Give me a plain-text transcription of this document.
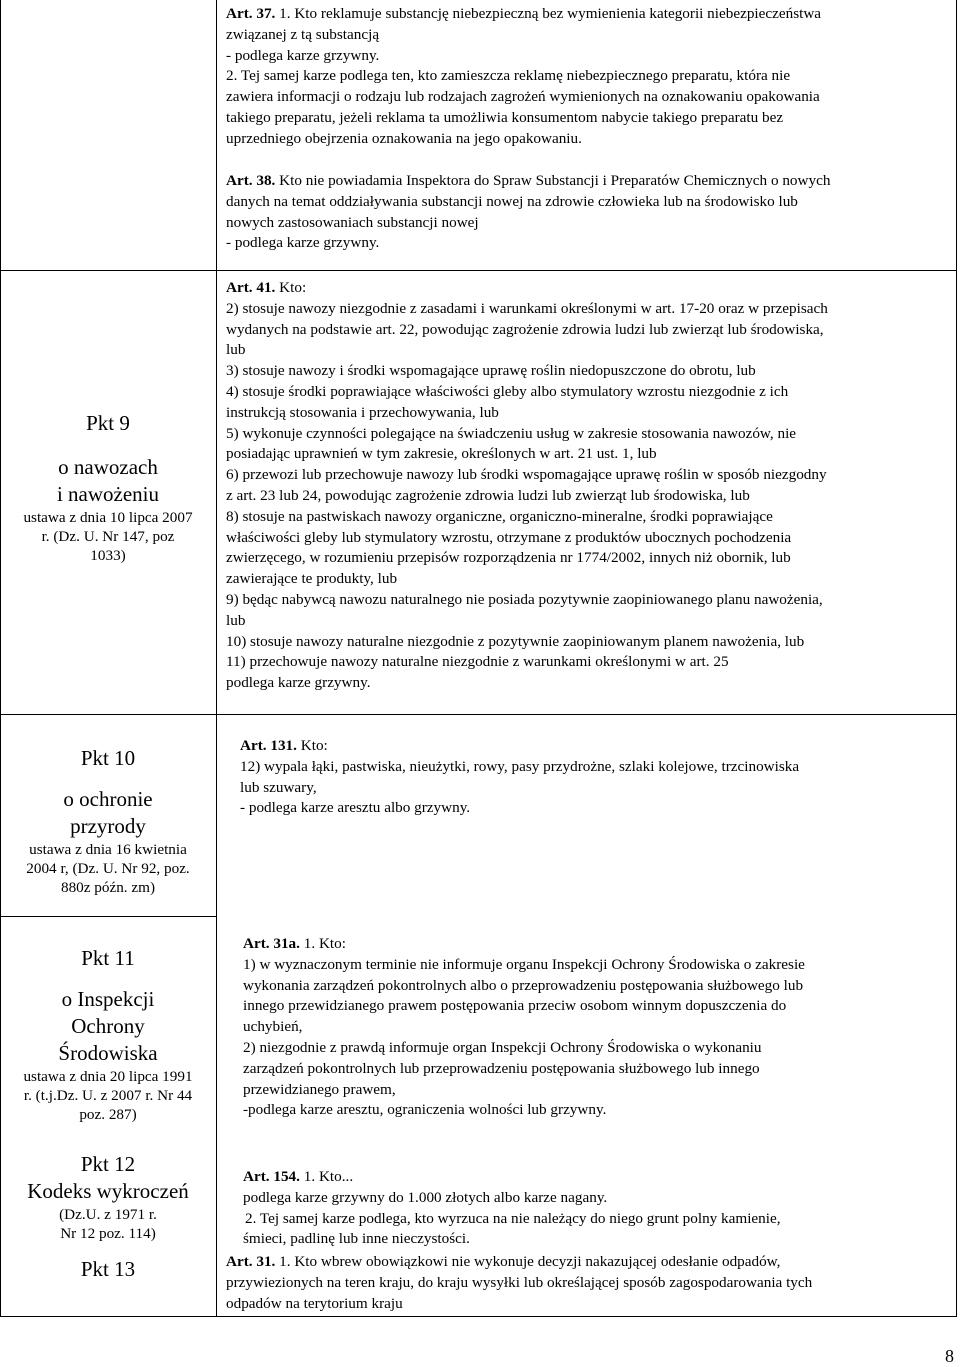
Pkt 9
o nawozach
i nawożeniu
ustawa z dnia 10 lipca 2007
r. (Dz. U. Nr 147, poz
1033)
Pkt 10
o ochronie
przyrody
ustawa z dnia 16 kwietnia
2004 r, (Dz. U. Nr 92, poz.
880z późn. zm)
Pkt 11
o Inspekcji
Ochrony
Środowiska
ustawa z dnia 20 lipca 1991
r. (t.j.Dz. U. z 2007 r. Nr 44
poz. 287)
Pkt 12
Kodeks wykroczeń
(Dz.U. z 1971 r.
Nr 12 poz. 114)
Pkt 13
Art. 37. 1. Kto reklamuje substancję niebezpieczną bez wymienienia kategorii niebezpieczeństwa
związanej z tą substancją
- podlega karze grzywny.
2. Tej samej karze podlega ten, kto zamieszcza reklamę niebezpiecznego preparatu, która nie
zawiera informacji o rodzaju lub rodzajach zagrożeń wymienionych na oznakowaniu opakowania
takiego preparatu, jeżeli reklama ta umożliwia konsumentom nabycie takiego preparatu bez
uprzedniego obejrzenia oznakowania na jego opakowaniu.
Art. 38. Kto nie powiadamia Inspektora do Spraw Substancji i Preparatów Chemicznych o nowych
danych na temat oddziaływania substancji nowej na zdrowie człowieka lub na środowisko lub
nowych zastosowaniach substancji nowej
- podlega karze grzywny.
Art. 41. Kto:
2) stosuje nawozy niezgodnie z zasadami i warunkami określonymi w art. 17-20 oraz w przepisach
wydanych na podstawie art. 22, powodując zagrożenie zdrowia ludzi lub zwierząt lub środowiska,
lub
3) stosuje nawozy i środki wspomagające uprawę roślin niedopuszczone do obrotu, lub
4) stosuje środki poprawiające właściwości gleby albo stymulatory wzrostu niezgodnie z ich
instrukcją stosowania i przechowywania, lub
5) wykonuje czynności polegające na świadczeniu usług w zakresie stosowania nawozów, nie
posiadając uprawnień w tym zakresie, określonych w art. 21 ust. 1, lub
6) przewozi lub przechowuje nawozy lub środki wspomagające uprawę roślin w sposób niezgodny
z art. 23 lub 24, powodując zagrożenie zdrowia ludzi lub zwierząt lub środowiska, lub
8) stosuje na pastwiskach nawozy organiczne, organiczno-mineralne, środki poprawiające
właściwości gleby lub stymulatory wzrostu, otrzymane z produktów ubocznych pochodzenia
zwierzęcego, w rozumieniu przepisów rozporządzenia nr 1774/2002, innych niż obornik, lub
zawierające te produkty, lub
9) będąc nabywcą nawozu naturalnego nie posiada pozytywnie zaopiniowanego planu nawożenia,
lub
10) stosuje nawozy naturalne niezgodnie z pozytywnie zaopiniowanym planem nawożenia, lub
11) przechowuje nawozy naturalne niezgodnie z warunkami określonymi w art. 25
podlega karze grzywny.
Art. 131. Kto:
12) wypala łąki, pastwiska, nieużytki, rowy, pasy przydrożne, szlaki kolejowe, trzcinowiska
lub szuwary,
- podlega karze aresztu albo grzywny.
Art. 31a. 1. Kto:
1) w wyznaczonym terminie nie informuje organu Inspekcji Ochrony Środowiska o zakresie
wykonania zarządzeń pokontrolnych albo o przeprowadzeniu postępowania służbowego lub
innego przewidzianego prawem postępowania przeciw osobom winnym dopuszczenia do
uchybień,
2) niezgodnie z prawdą informuje organ Inspekcji Ochrony Środowiska o wykonaniu
zarządzeń pokontrolnych lub przeprowadzeniu postępowania służbowego lub innego
przewidzianego prawem,
-podlega karze aresztu, ograniczenia wolności lub grzywny.
Art. 154. 1. Kto...
podlega karze grzywny do 1.000 złotych albo karze nagany.
2. Tej samej karze podlega, kto wyrzuca na nie należący do niego grunt polny kamienie,
śmieci, padlinę lub inne nieczystości.
Art. 31. 1. Kto wbrew obowiązkowi nie wykonuje decyzji nakazującej odesłanie odpadów,
przywiezionych na teren kraju, do kraju wysyłki lub określającej sposób zagospodarowania tych
odpadów na terytorium kraju
8
